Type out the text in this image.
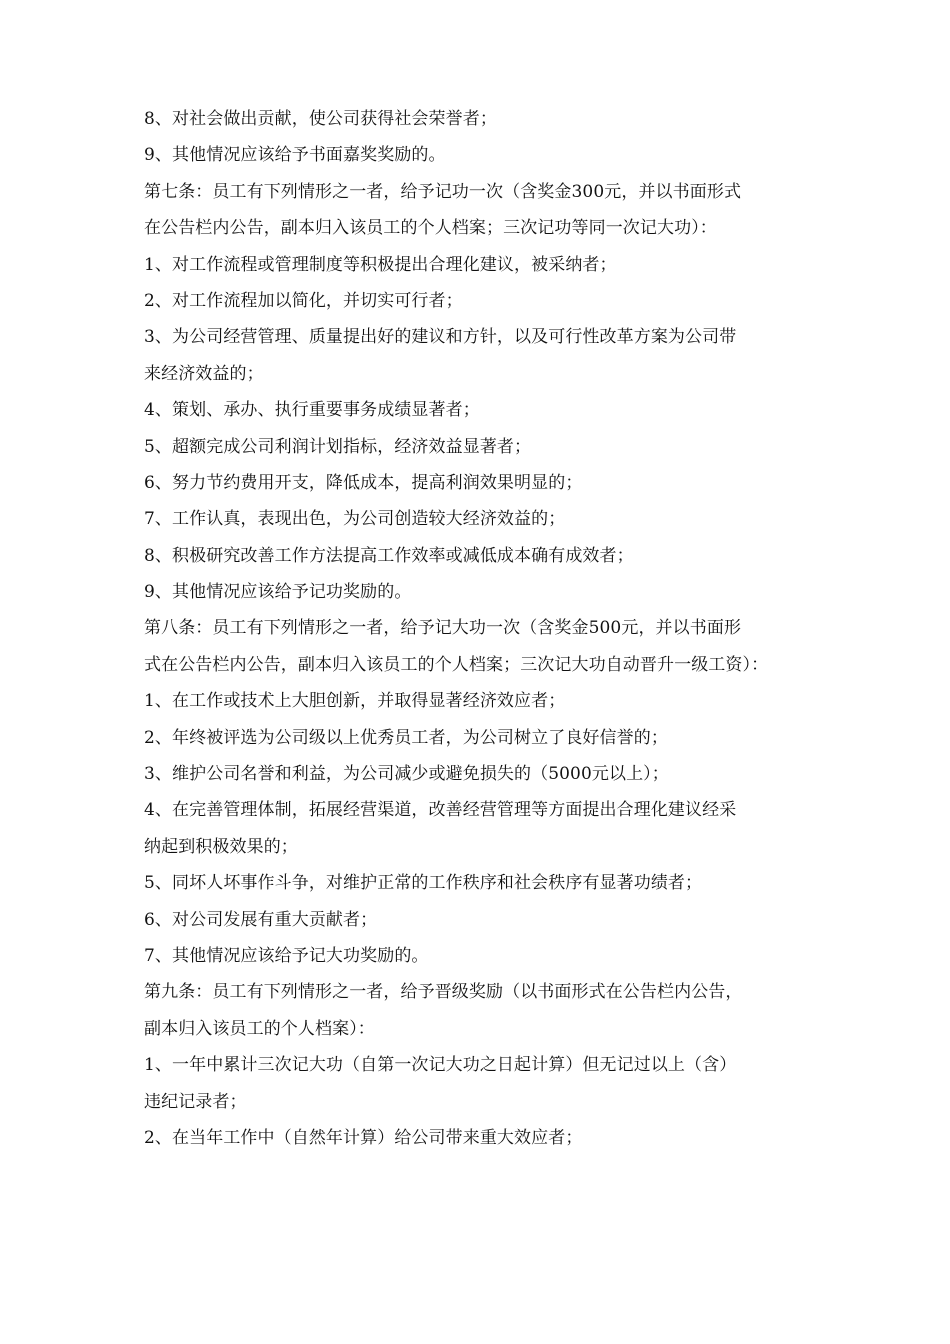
8、对社会做出贡献，使公司获得社会荣誉者；
9、其他情况应该给予书面嘉奖奖励的。
第七条：员工有下列情形之一者，给予记功一次（含奖金300元，并以书面形式
在公告栏内公告，副本归入该员工的个人档案；三次记功等同一次记大功）：
1、对工作流程或管理制度等积极提出合理化建议，被采纳者；
2、对工作流程加以简化，并切实可行者；
3、为公司经营管理、质量提出好的建议和方针，以及可行性改革方案为公司带
来经济效益的；
4、策划、承办、执行重要事务成绩显著者；
5、超额完成公司利润计划指标，经济效益显著者；
6、努力节约费用开支，降低成本，提高利润效果明显的；
7、工作认真，表现出色，为公司创造较大经济效益的；
8、积极研究改善工作方法提高工作效率或减低成本确有成效者；
9、其他情况应该给予记功奖励的。
第八条：员工有下列情形之一者，给予记大功一次（含奖金500元，并以书面形
式在公告栏内公告，副本归入该员工的个人档案；三次记大功自动晋升一级工资）：
1、在工作或技术上大胆创新，并取得显著经济效应者；
2、年终被评选为公司级以上优秀员工者，为公司树立了良好信誉的；
3、维护公司名誉和利益，为公司减少或避免损失的（5000元以上）；
4、在完善管理体制，拓展经营渠道，改善经营管理等方面提出合理化建议经采
纳起到积极效果的；
5、同坏人坏事作斗争，对维护正常的工作秩序和社会秩序有显著功绩者；
6、对公司发展有重大贡献者；
7、其他情况应该给予记大功奖励的。
第九条：员工有下列情形之一者，给予晋级奖励（以书面形式在公告栏内公告，
副本归入该员工的个人档案）：
1、一年中累计三次记大功（自第一次记大功之日起计算）但无记过以上（含）
违纪记录者；
2、在当年工作中（自然年计算）给公司带来重大效应者；
